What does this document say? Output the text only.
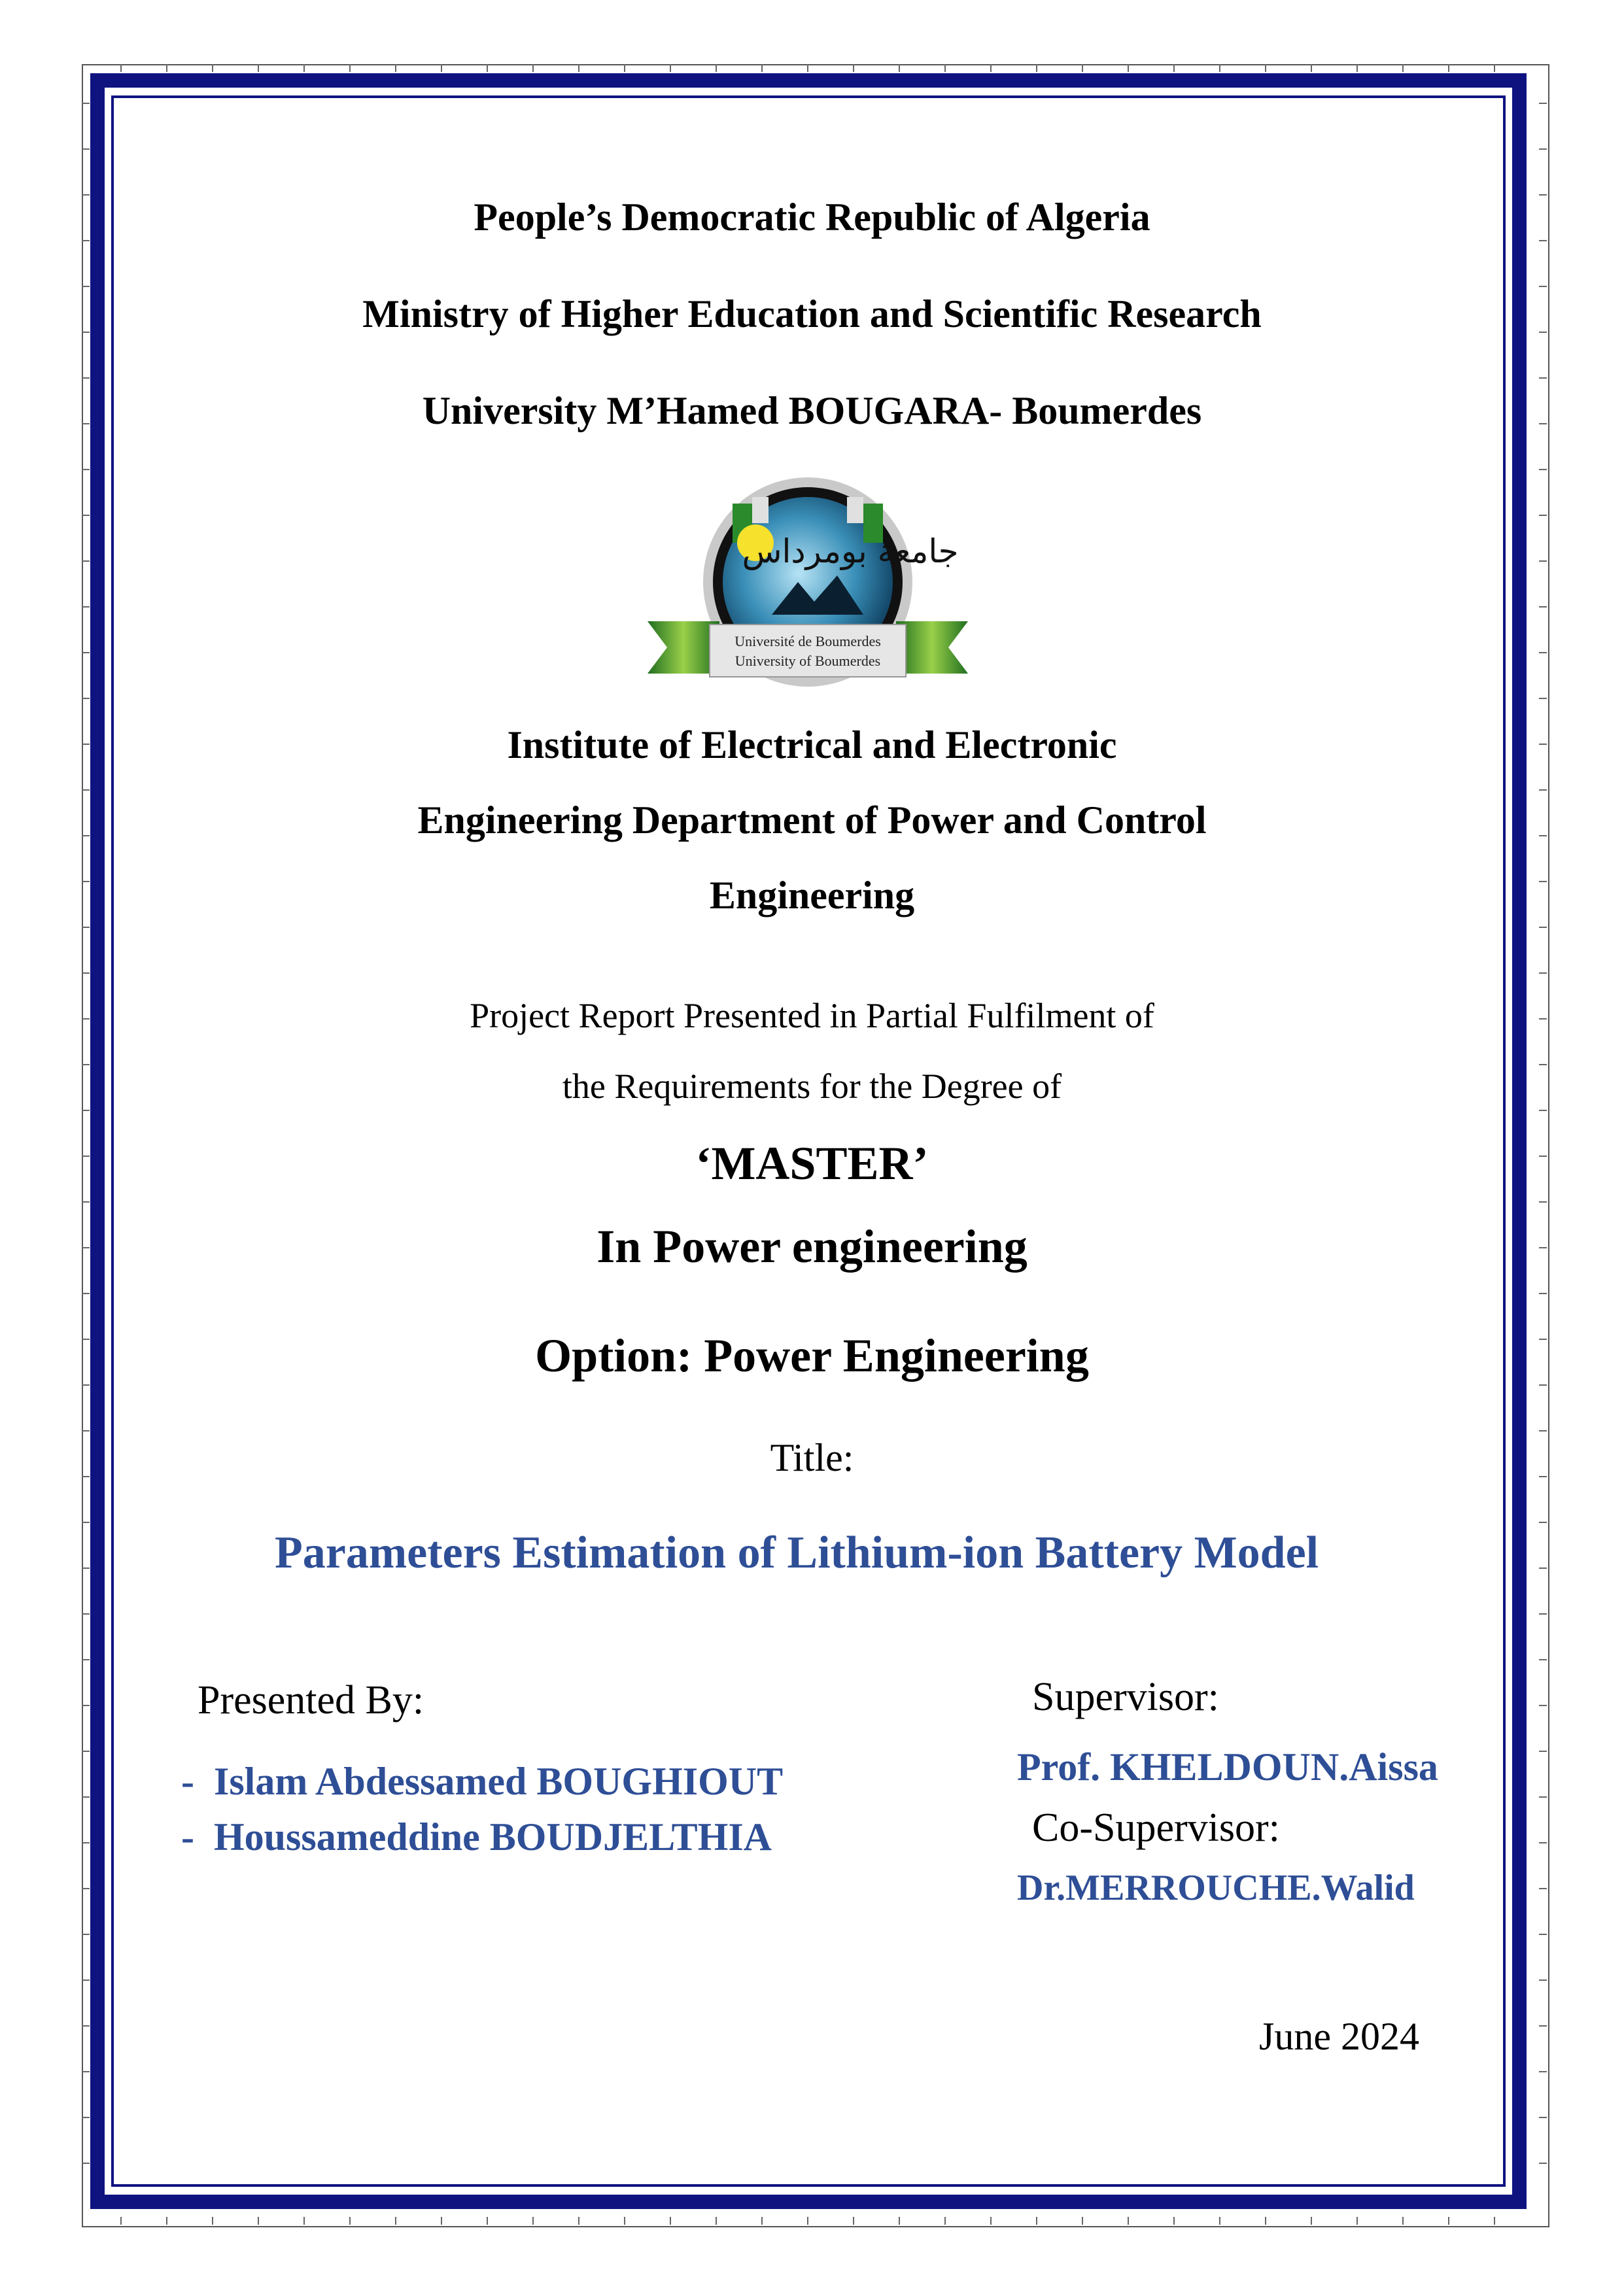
People’s Democratic Republic of Algeria
Ministry of Higher Education and Scientific Research
University M’Hamed BOUGARA- Boumerdes
جامعة بومرداس
Université de Boumerdes
University of Boumerdes
Institute of Electrical and Electronic
Engineering Department of Power and Control
Engineering
Project Report Presented in Partial Fulfilment of
the Requirements for the Degree of
‘MASTER’
In Power engineering
Option: Power Engineering
Title:
Parameters Estimation of Lithium-ion Battery Model
Presented By:
- Islam Abdessamed BOUGHIOUT
- Houssameddine BOUDJELTHIA
Supervisor:
Prof. KHELDOUN.Aissa
Co-Supervisor:
Dr.MERROUCHE.Walid
June 2024
